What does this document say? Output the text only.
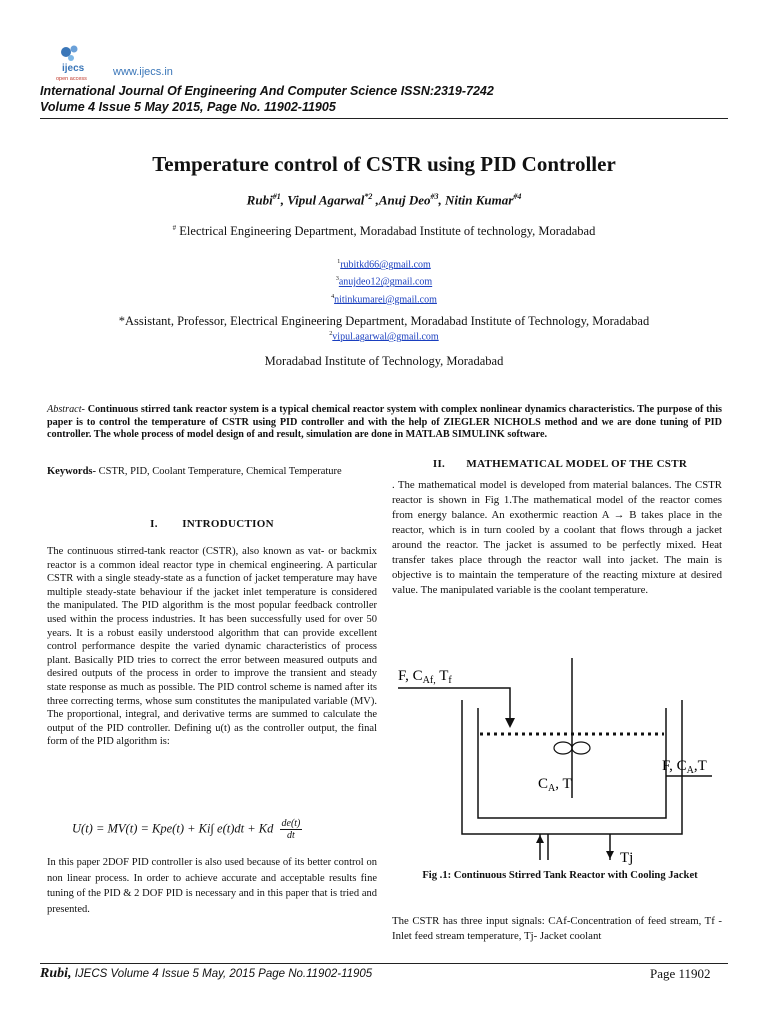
ijecs
open access
www.ijecs.in
International Journal Of Engineering And Computer Science ISSN:2319-7242
Volume 4 Issue 5 May 2015, Page No. 11902-11905
Temperature control of CSTR using PID Controller
Rubi$^{\#1}$, Vipul Agarwal$^{*2}$ ,Anuj Deo$^{\#3}$, Nitin Kumar$^{\#4}$
# Electrical Engineering Department, Moradabad Institute of technology, Moradabad
$^1$rubitkd66@gmail.com
$^3$anujdeo12@gmail.com
$^4$nitinkumarei@gmail.com
*Assistant, Professor, Electrical Engineering Department, Moradabad Institute of Technology, Moradabad
$^2$vipul.agarwal@gmail.com
Moradabad Institute of Technology, Moradabad
Abstract- Continuous stirred tank reactor system is a typical chemical reactor system with complex nonlinear dynamics characteristics. The purpose of this paper is to control the temperature of CSTR using PID controller and with the help of ZIEGLER NICHOLS method and we are done tuning of PID controller. The whole process of model design of and result, simulation are done in MATLAB SIMULINK software.
Keywords- CSTR, PID, Coolant Temperature, Chemical Temperature
I.        INTRODUCTION
The continuous stirred-tank reactor (CSTR), also known as vat- or backmix reactor is a common ideal reactor type in chemical engineering. A particular CSTR with a single steady-state as a function of jacket temperature may have multiple steady-state behaviour if the jacket inlet temperature is considered the manipulated. The PID algorithm is the most popular feedback controller used within the process industries. It has been successfully used for over 50 years. It is a robust easily understood algorithm that can provide excellent control performance despite the varied dynamic characteristics of process plant. Basically PID tries to correct the error between measured outputs and desired outputs of the process in order to improve the transient and steady state response as much as possible. The PID control scheme is named after its three correcting terms, whose sum constitutes the manipulated variable (MV). The proportional, integral, and derivative terms are summed to calculate the output of the PID controller. Defining u(t) as the controller output, the final form of the PID algorithm is:
U(t) = MV(t) = Kpe(t) + Ki∫ e(t)dt + Kd $\frac{de(t)}{dt}$
In this paper 2DOF PID controller is also used because of its better control on non linear process. In order to achieve accurate and acceptable results fine tuning of the PID & 2 DOF PID is necessary and in this paper that is tried and presented.
II.       MATHEMATICAL MODEL OF THE CSTR
. The mathematical model is developed from material balances. The CSTR reactor is shown in Fig 1.The mathematical model of the reactor comes from energy balance. An exothermic reaction A → B takes place in the reactor, which is in turn cooled by a coolant that flows through a jacket around the reactor. The jacket is assumed to be perfectly mixed. Heat transfer takes place through the reactor wall into jacket. The main is objective is to maintain the temperature of the reacting mixture at desired value. The manipulated variable is the coolant temperature.
F, $C_{Af,}$ $T_f$
$C_A$, T
F, $C_A,T$
Tj
Fig .1: Continuous Stirred Tank Reactor with Cooling Jacket
The CSTR has three input signals: CAf-Concentration of feed stream, Tf -Inlet feed stream temperature, Tj- Jacket coolant
Rubi, IJECS Volume 4 Issue 5 May, 2015 Page No.11902-11905	Page 11902
